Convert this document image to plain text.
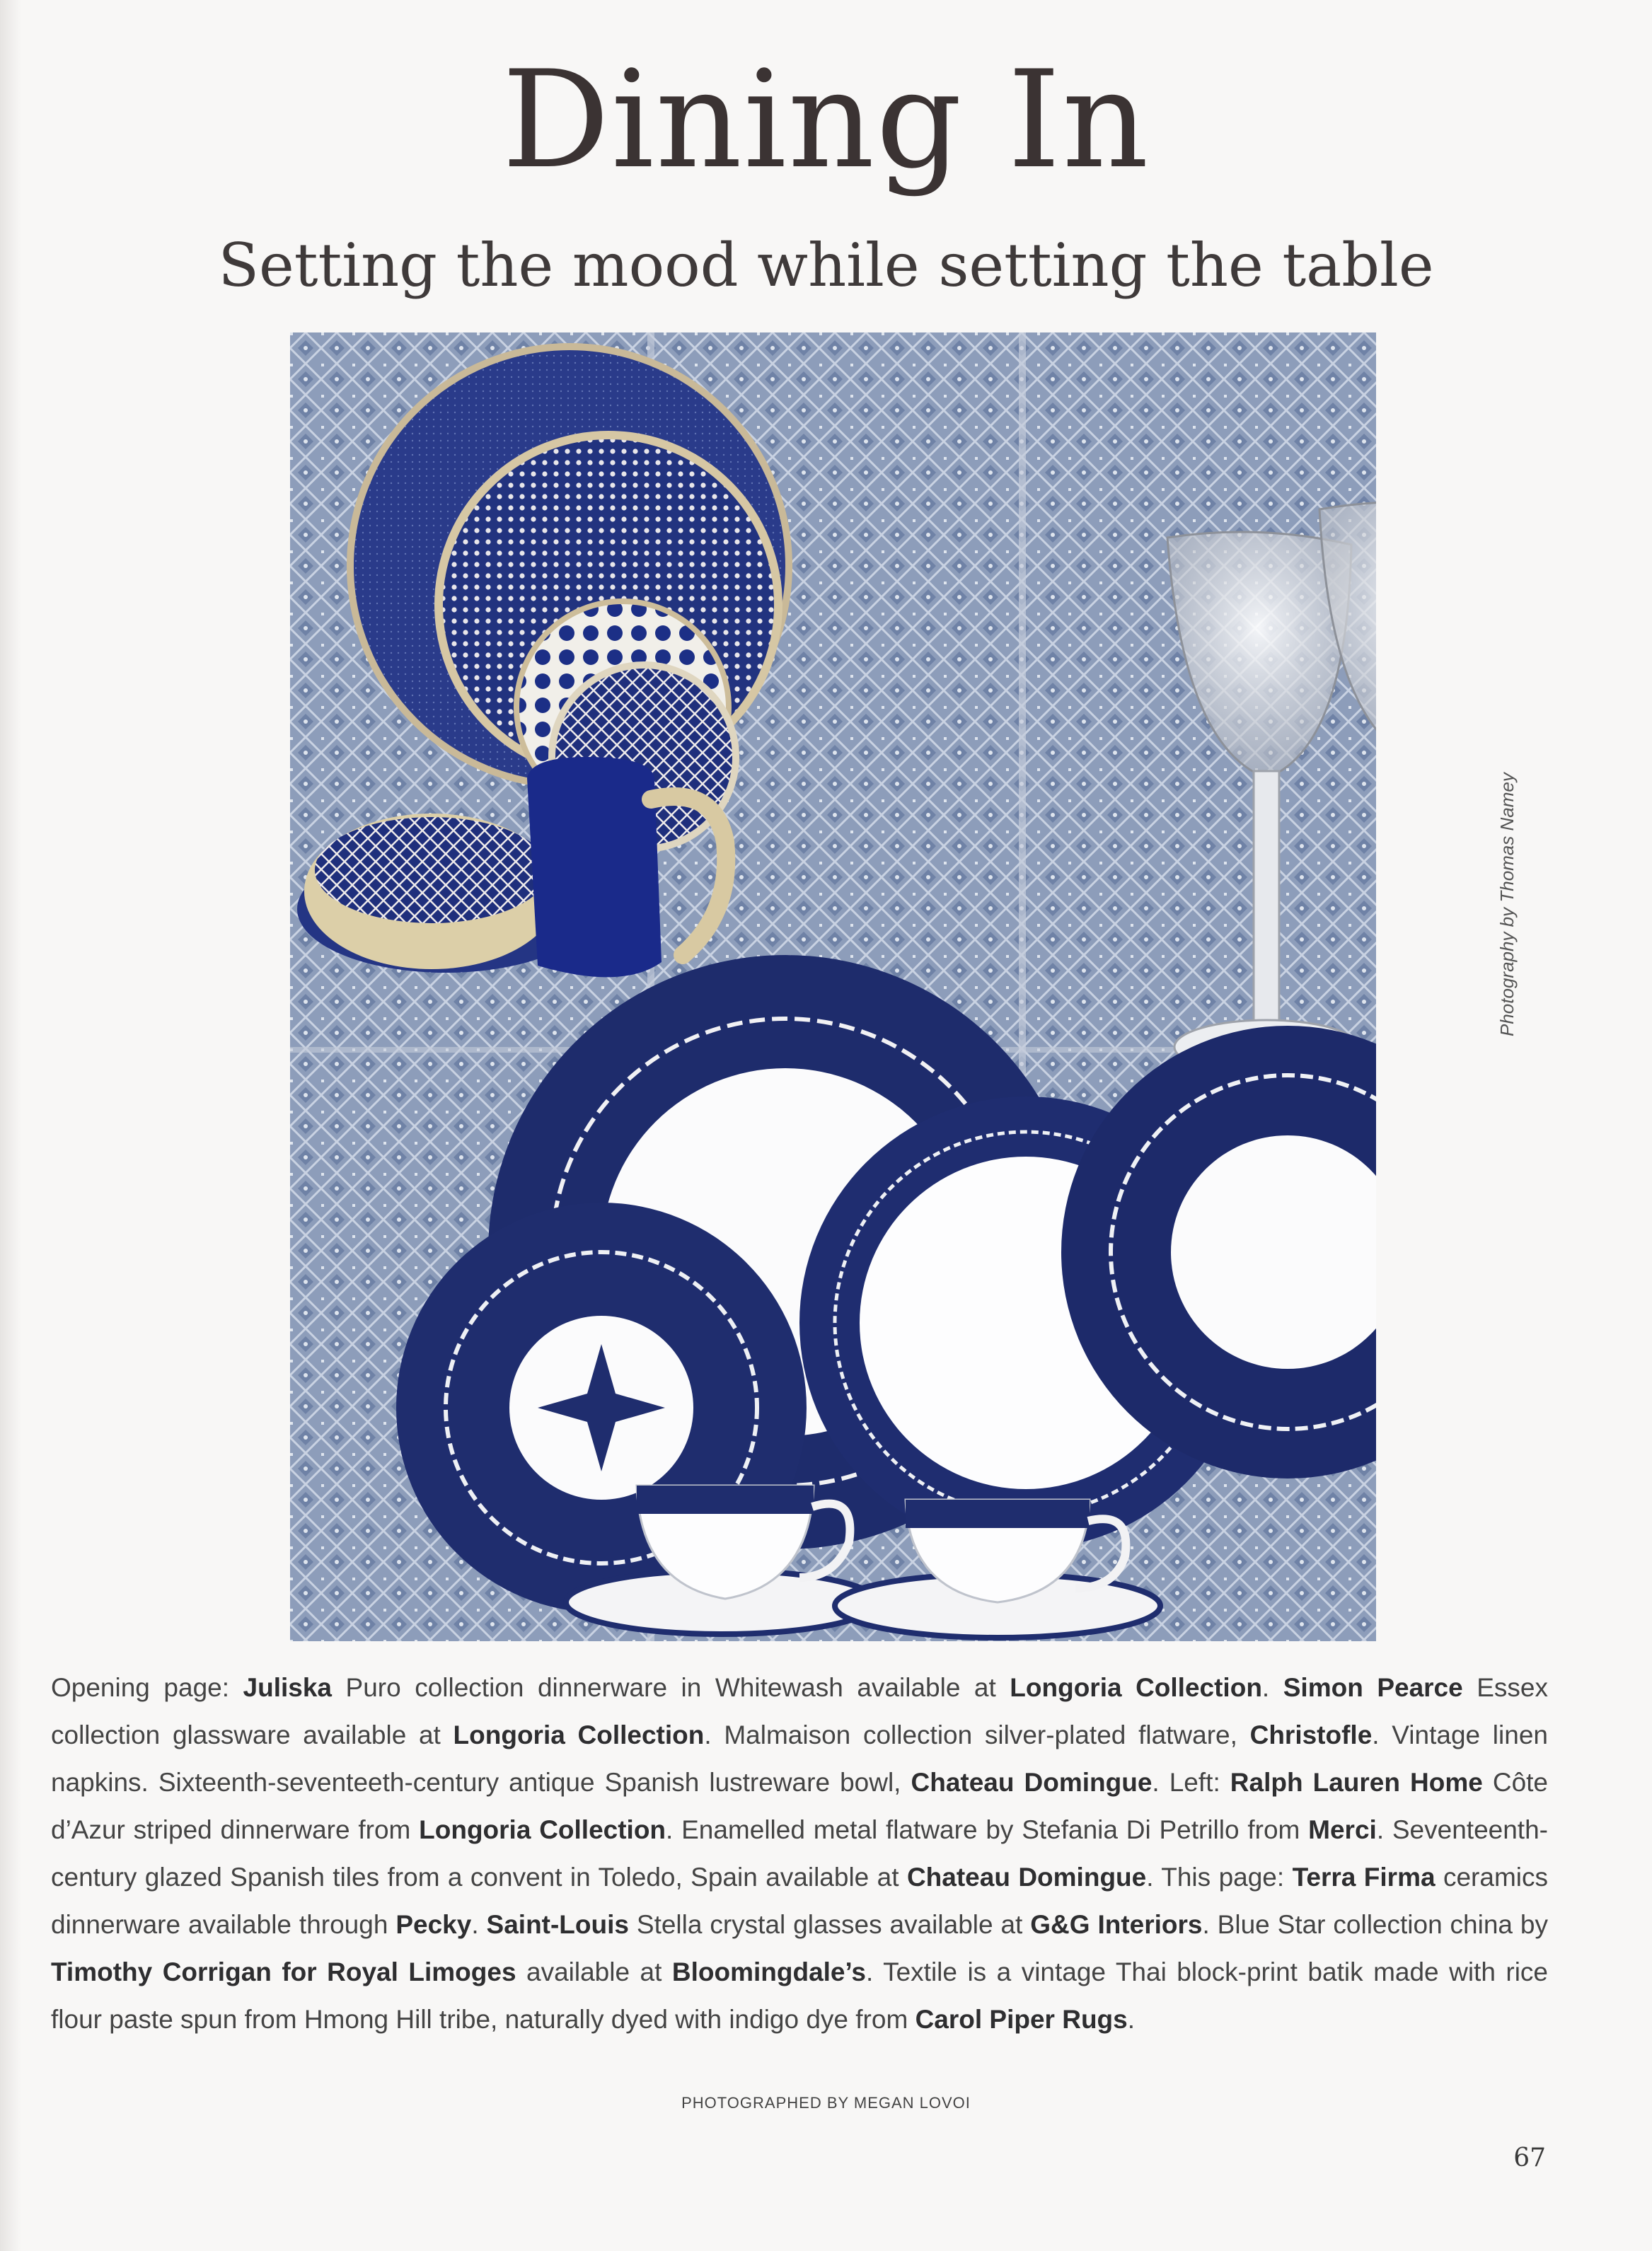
Dining In
Setting the mood while setting the table
Photography by Thomas Namey

Opening page: Juliska Puro collection dinnerware in Whitewash available at Longoria Collection. Simon Pearce Essex collection glassware available at Longoria Collection. Malmaison collection silver-plated flatware, Christofle. Vintage linen napkins. Sixteenth-seventeeth-century antique Spanish lustreware bowl, Chateau Domingue. Left: Ralph Lauren Home Côte d’Azur striped dinnerware from Longoria Collection. Enamelled metal flatware by Stefania Di Petrillo from Merci. Seventeenth-century glazed Spanish tiles from a convent in Toledo, Spain available at Chateau Domingue. This page: Terra Firma ceramics dinnerware available through Pecky. Saint-Louis Stella crystal glasses available at G&G Interiors. Blue Star collection china by Timothy Corrigan for Royal Limoges available at Bloomingdale’s. Textile is a vintage Thai block-print batik made with rice flour paste spun from Hmong Hill tribe, naturally dyed with indigo dye from Carol Piper Rugs.

PHOTOGRAPHED BY MEGAN LOVOI
67
